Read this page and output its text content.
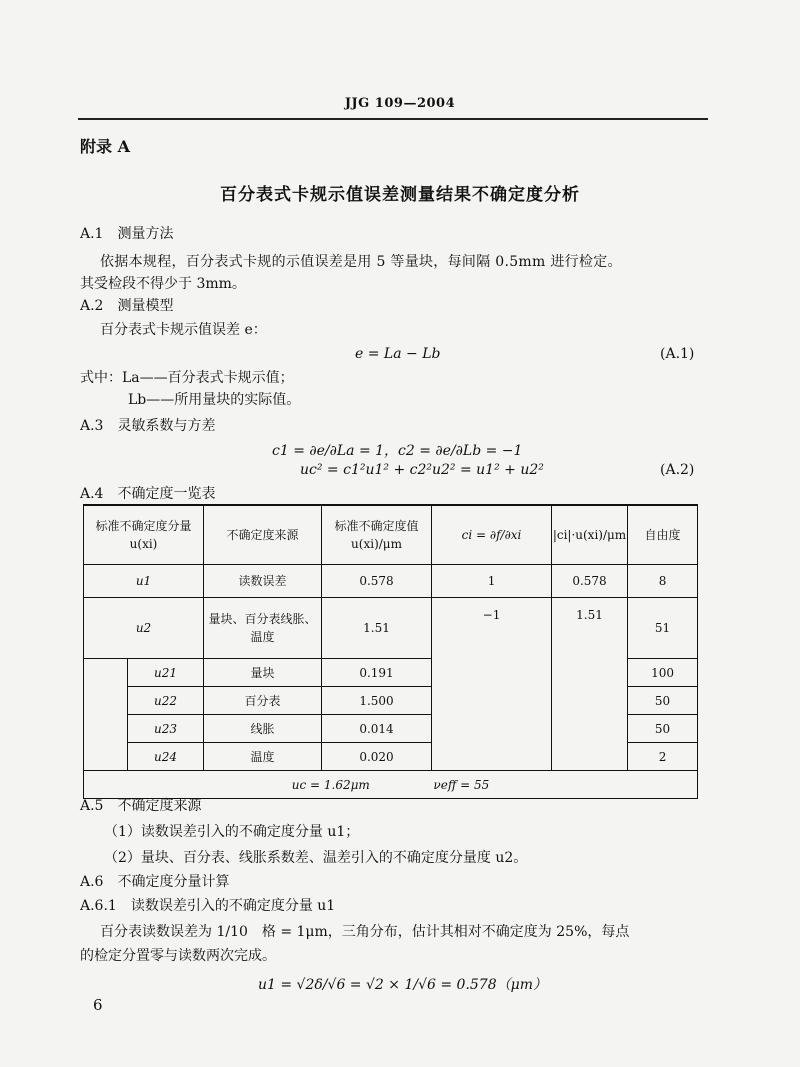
JJG 109—2004
附录 A
百分表式卡规示值误差测量结果不确定度分析
A.1　测量方法
依据本规程，百分表式卡规的示值误差是用 5 等量块，每间隔 0.5mm 进行检定。
其受检段不得少于 3mm。
A.2　测量模型
百分表式卡规示值误差 e：
e = La − Lb	(A.1)
式中：La——百分表式卡规示值；
Lb——所用量块的实际值。
A.3　灵敏系数与方差
c1 = ∂e/∂La = 1，c2 = ∂e/∂Lb = −1
uc² = c1²u1² + c2²u2² = u1² + u2²	(A.2)
A.4　不确定度一览表
标准不确定度分量 u(xi)		不确定度来源	标准不确定度值 u(xi)/μm	ci = ∂f/∂xi	|ci|·u(xi)/μm	自由度
u1		读数误差	0.578	1	0.578	8
u2		量块、百分表线胀、温度	1.51	−1	1.51	51
	u21	量块	0.191			100
	u22	百分表	1.500			50
	u23	线胀	0.014			50
	u24	温度	0.020			2
uc = 1.62μm νeff = 55						
A.5　不确定度来源
（1）读数误差引入的不确定度分量 u1；
（2）量块、百分表、线胀系数差、温差引入的不确定度分量度 u2。
A.6　不确定度分量计算
A.6.1　读数误差引入的不确定度分量 u1
百分表读数误差为 1/10　格 = 1μm，三角分布，估计其相对不确定度为 25%，每点
的检定分置零与读数两次完成。
u1 = √2δ/√6 = √2 × 1/√6 = 0.578（μm）
6
